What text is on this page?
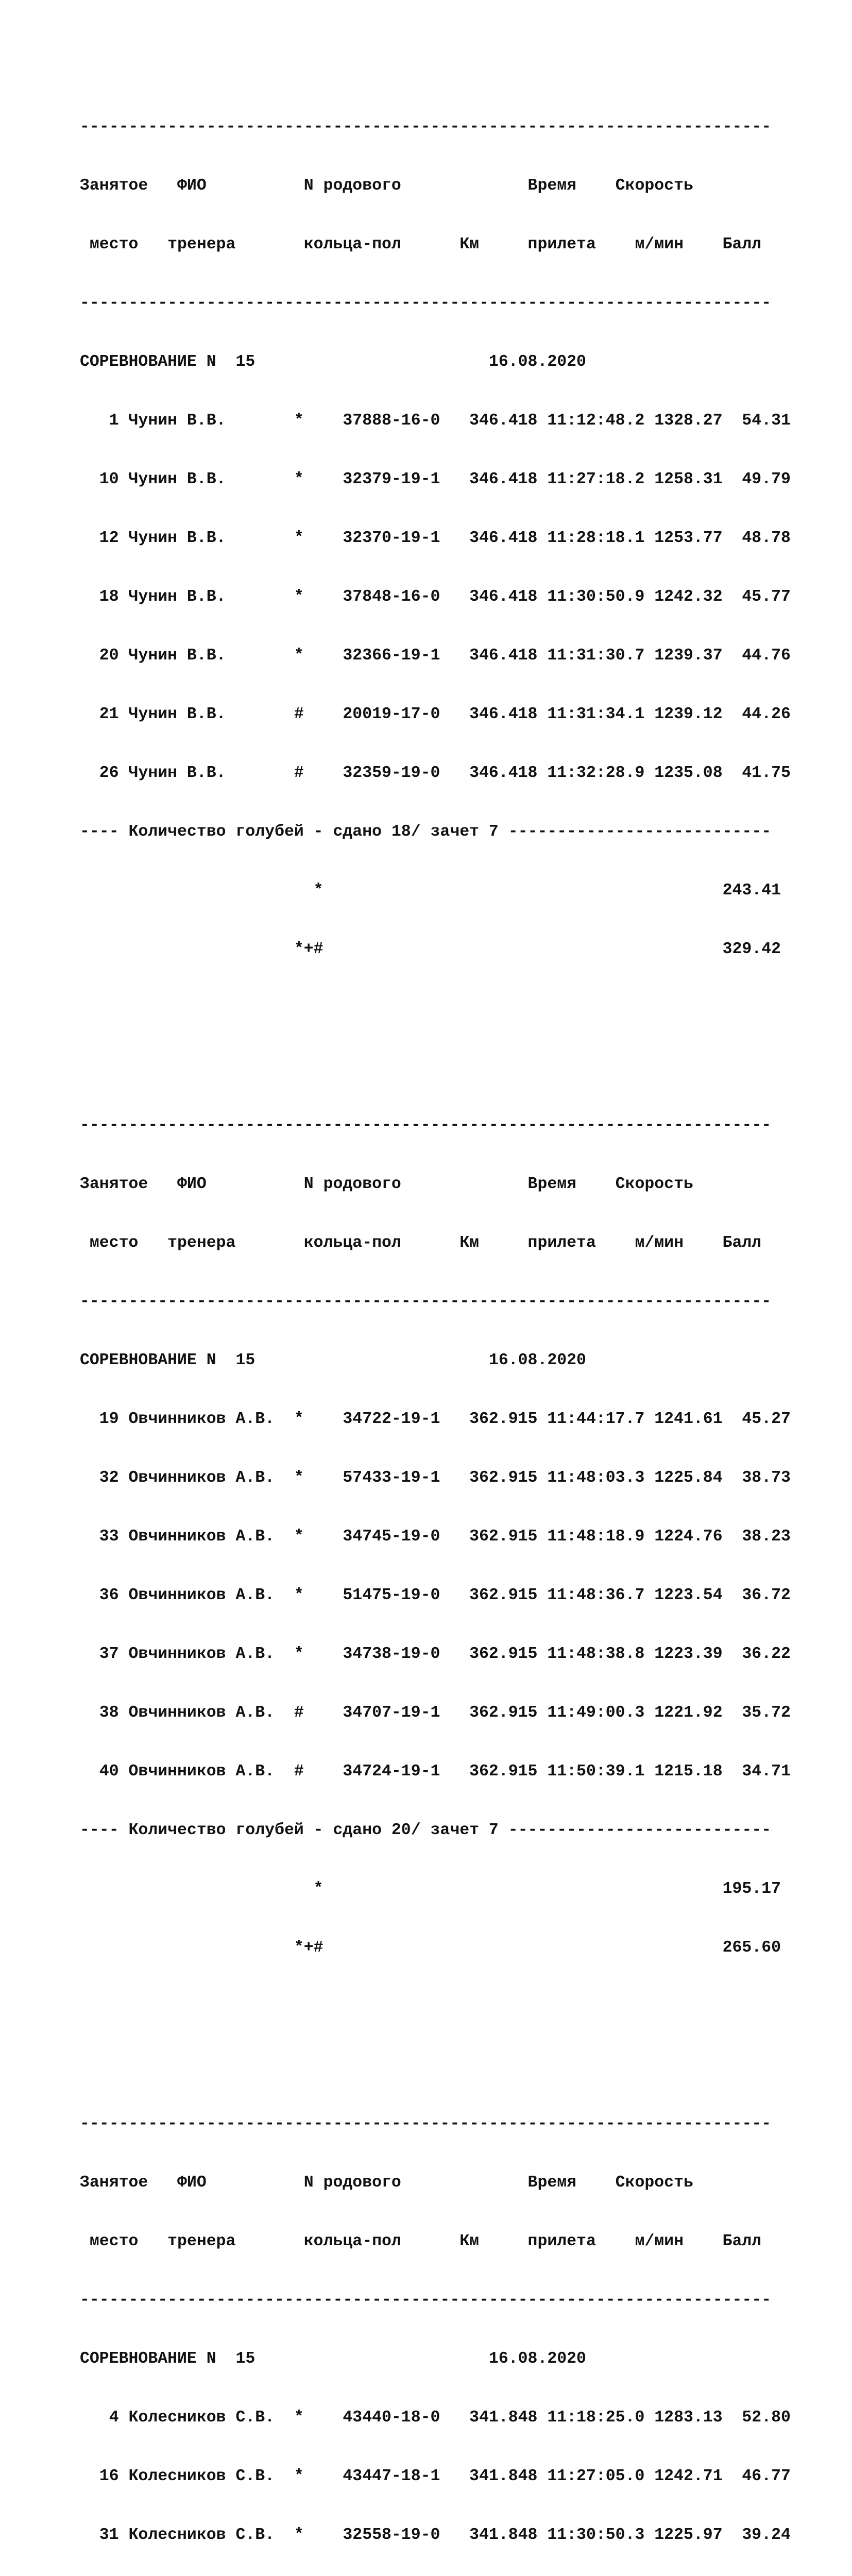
-----------------------------------------------------------------------

Занятое   ФИО          N родового             Время    Скорость

место   тренера       кольца-пол      Км     прилета    м/мин    Балл

-----------------------------------------------------------------------

СОРЕВНОВАНИЕ N  15                        16.08.2020

1 Чунин В.В.       *    37888-16-0   346.418 11:12:48.2 1328.27  54.31

10 Чунин В.В.       *    32379-19-1   346.418 11:27:18.2 1258.31  49.79

12 Чунин В.В.       *    32370-19-1   346.418 11:28:18.1 1253.77  48.78

18 Чунин В.В.       *    37848-16-0   346.418 11:30:50.9 1242.32  45.77

20 Чунин В.В.       *    32366-19-1   346.418 11:31:30.7 1239.37  44.76

21 Чунин В.В.       #    20019-17-0   346.418 11:31:34.1 1239.12  44.26

26 Чунин В.В.       #    32359-19-0   346.418 11:32:28.9 1235.08  41.75

---- Количество голубей - сдано 18/ зачет 7 ---------------------------

*                                         243.41

*+#                                         329.42

-----------------------------------------------------------------------

Занятое   ФИО          N родового             Время    Скорость

место   тренера       кольца-пол      Км     прилета    м/мин    Балл

-----------------------------------------------------------------------

СОРЕВНОВАНИЕ N  15                        16.08.2020

19 Овчинников А.В.  *    34722-19-1   362.915 11:44:17.7 1241.61  45.27

32 Овчинников А.В.  *    57433-19-1   362.915 11:48:03.3 1225.84  38.73

33 Овчинников А.В.  *    34745-19-0   362.915 11:48:18.9 1224.76  38.23

36 Овчинников А.В.  *    51475-19-0   362.915 11:48:36.7 1223.54  36.72

37 Овчинников А.В.  *    34738-19-0   362.915 11:48:38.8 1223.39  36.22

38 Овчинников А.В.  #    34707-19-1   362.915 11:49:00.3 1221.92  35.72

40 Овчинников А.В.  #    34724-19-1   362.915 11:50:39.1 1215.18  34.71

---- Количество голубей - сдано 20/ зачет 7 ---------------------------

*                                         195.17

*+#                                         265.60

-----------------------------------------------------------------------

Занятое   ФИО          N родового             Время    Скорость

место   тренера       кольца-пол      Км     прилета    м/мин    Балл

-----------------------------------------------------------------------

СОРЕВНОВАНИЕ N  15                        16.08.2020

4 Колесников С.В.  *    43440-18-0   341.848 11:18:25.0 1283.13  52.80

16 Колесников С.В.  *    43447-18-1   341.848 11:27:05.0 1242.71  46.77

31 Колесников С.В.  *    32558-19-0   341.848 11:30:50.3 1225.97  39.24
